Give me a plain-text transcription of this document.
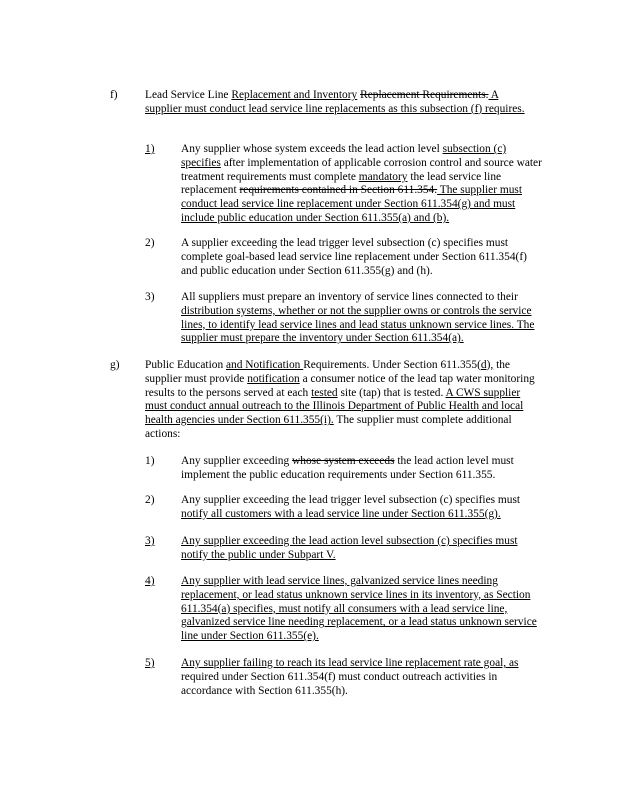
f) Lead Service Line Replacement and Inventory Replacement Requirements. A supplier must conduct lead service line replacements as this subsection (f) requires.
1) Any supplier whose system exceeds the lead action level subsection (c) specifies after implementation of applicable corrosion control and source water treatment requirements must complete mandatory the lead service line replacement requirements contained in Section 611.354. The supplier must conduct lead service line replacement under Section 611.354(g) and must include public education under Section 611.355(a) and (b).
2) A supplier exceeding the lead trigger level subsection (c) specifies must complete goal-based lead service line replacement under Section 611.354(f) and public education under Section 611.355(g) and (h).
3) All suppliers must prepare an inventory of service lines connected to their distribution systems, whether or not the supplier owns or controls the service lines, to identify lead service lines and lead status unknown service lines. The supplier must prepare the inventory under Section 611.354(a).
g) Public Education and Notification Requirements. Under Section 611.355(d), the supplier must provide notification a consumer notice of the lead tap water monitoring results to the persons served at each tested site (tap) that is tested. A CWS supplier must conduct annual outreach to the Illinois Department of Public Health and local health agencies under Section 611.355(i). The supplier must complete additional actions:
1) Any supplier exceeding whose system exceeds the lead action level must implement the public education requirements under Section 611.355.
2) Any supplier exceeding the lead trigger level subsection (c) specifies must notify all customers with a lead service line under Section 611.355(g).
3) Any supplier exceeding the lead action level subsection (c) specifies must notify the public under Subpart V.
4) Any supplier with lead service lines, galvanized service lines needing replacement, or lead status unknown service lines in its inventory, as Section 611.354(a) specifies, must notify all consumers with a lead service line, galvanized service line needing replacement, or a lead status unknown service line under Section 611.355(e).
5) Any supplier failing to reach its lead service line replacement rate goal, as required under Section 611.354(f) must conduct outreach activities in accordance with Section 611.355(h).
